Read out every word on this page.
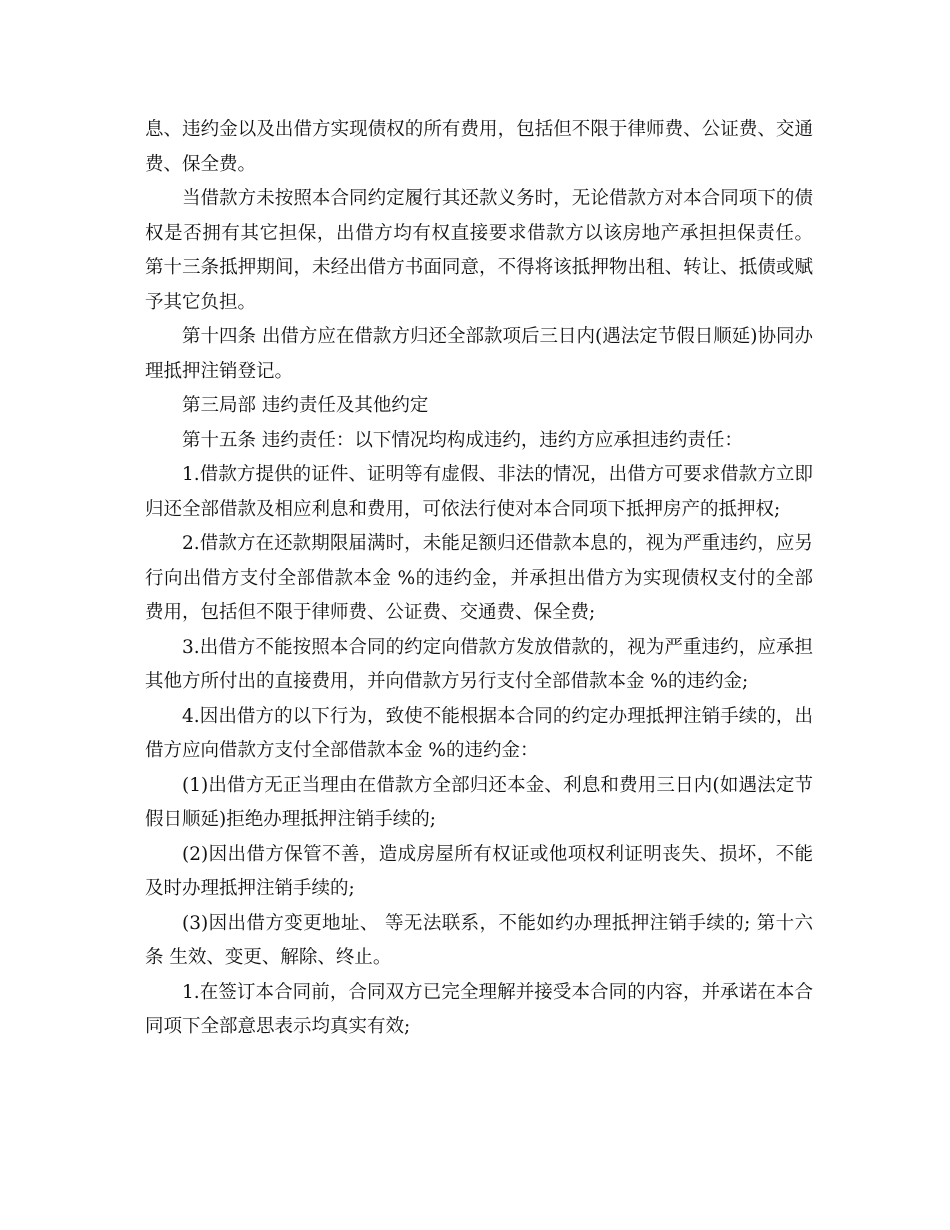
息、违约金以及出借方实现债权的所有费用，包括但不限于律师费、公证费、交通费、保全费。

当借款方未按照本合同约定履行其还款义务时，无论借款方对本合同项下的债权是否拥有其它担保，出借方均有权直接要求借款方以该房地产承担担保责任。 第十三条抵押期间，未经出借方书面同意，不得将该抵押物出租、转让、抵债或赋予其它负担。

第十四条 出借方应在借款方归还全部款项后三日内(遇法定节假日顺延)协同办理抵押注销登记。

第三局部 违约责任及其他约定

第十五条 违约责任：以下情况均构成违约，违约方应承担违约责任：

1.借款方提供的证件、证明等有虚假、非法的情况，出借方可要求借款方立即归还全部借款及相应利息和费用，可依法行使对本合同项下抵押房产的抵押权;

2.借款方在还款期限届满时，未能足额归还借款本息的，视为严重违约，应另行向出借方支付全部借款本金 %的违约金，并承担出借方为实现债权支付的全部费用，包括但不限于律师费、公证费、交通费、保全费;

3.出借方不能按照本合同的约定向借款方发放借款的，视为严重违约，应承担其他方所付出的直接费用，并向借款方另行支付全部借款本金 %的违约金;

4.因出借方的以下行为，致使不能根据本合同的约定办理抵押注销手续的，出借方应向借款方支付全部借款本金 %的违约金：

(1)出借方无正当理由在借款方全部归还本金、利息和费用三日内(如遇法定节假日顺延)拒绝办理抵押注销手续的;

(2)因出借方保管不善，造成房屋所有权证或他项权利证明丧失、损坏，不能及时办理抵押注销手续的;

(3)因出借方变更地址、 等无法联系，不能如约办理抵押注销手续的; 第十六条 生效、变更、解除、终止。

1.在签订本合同前，合同双方已完全理解并接受本合同的内容，并承诺在本合同项下全部意思表示均真实有效;
